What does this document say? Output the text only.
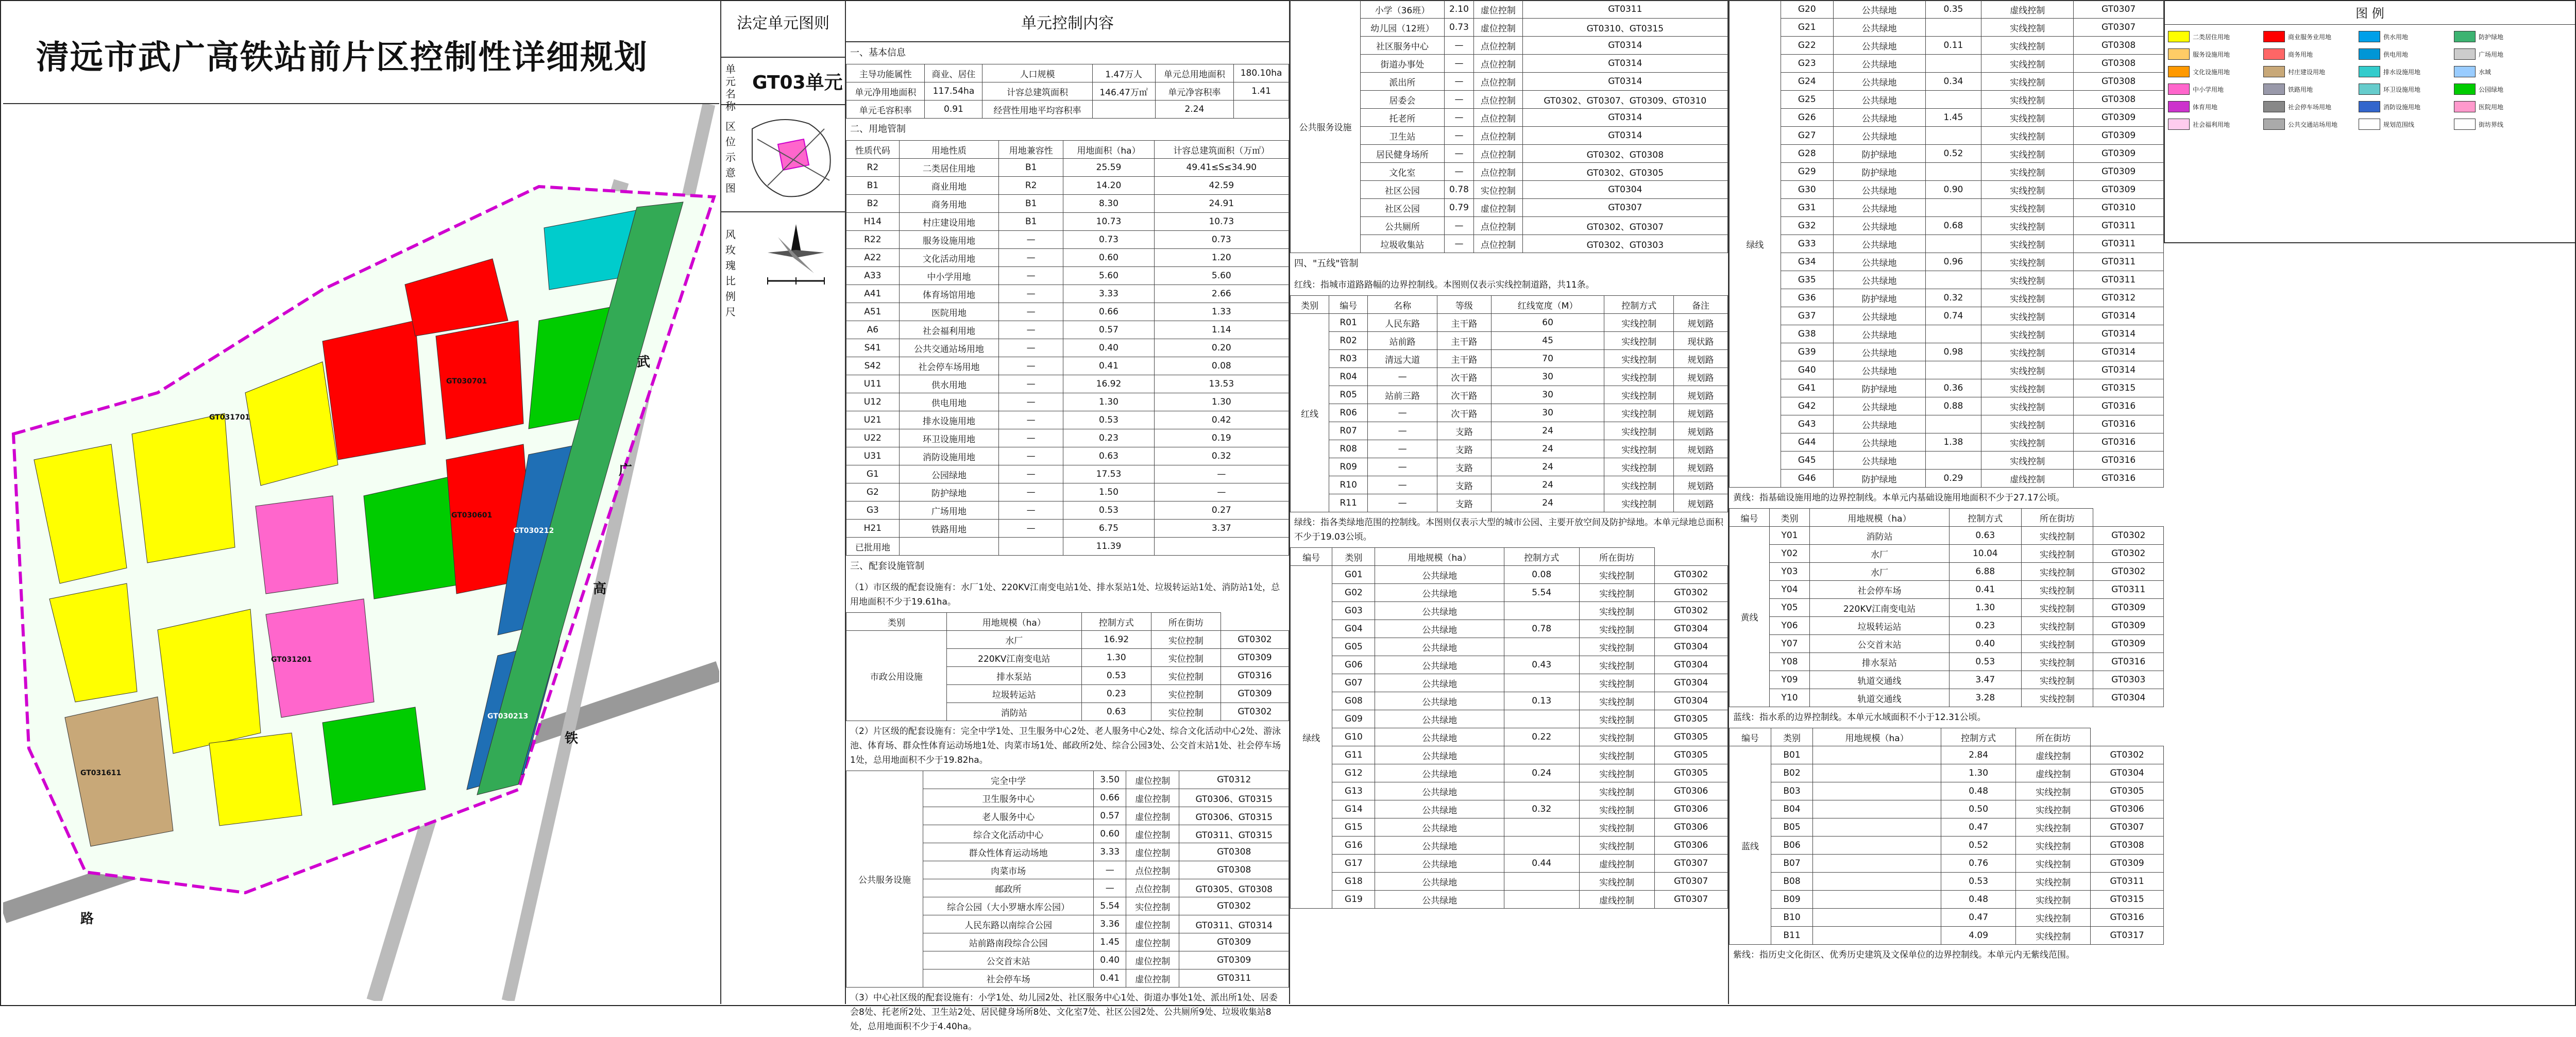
清远市武广高铁站前片区控制性详细规划
武
广
高
铁
路
GT031701
GT030701
GT030601
GT030212
GT031201
GT031611
GT030213
法定单元图则
单元名称
GT03单元
区位示意图
风玫瑰比例尺
单元控制内容
一、基本信息
主导功能属性	商业、居住	人口规模	1.47万人	单元总用地面积	180.10ha
单元净用地面积	117.54ha	计容总建筑面积	146.47万㎡	单元净容积率	1.41
单元毛容积率	0.91	经营性用地平均容积率		2.24	
二、用地管制
性质代码	用地性质	用地兼容性	用地面积（ha）	计容总建筑面积（万㎡）
R2	二类居住用地	B1	25.59	49.41≤S≤34.90
B1	商业用地	R2	14.20	42.59
B2	商务用地	B1	8.30	24.91
H14	村庄建设用地	B1	10.73	10.73
R22	服务设施用地	—	0.73	0.73
A22	文化活动用地	—	0.60	1.20
A33	中小学用地	—	5.60	5.60
A41	体育场馆用地	—	3.33	2.66
A51	医院用地	—	0.66	1.33
A6	社会福利用地	—	0.57	1.14
S41	公共交通站场用地	—	0.40	0.20
S42	社会停车场用地	—	0.41	0.08
U11	供水用地	—	16.92	13.53
U12	供电用地	—	1.30	1.30
U21	排水设施用地	—	0.53	0.42
U22	环卫设施用地	—	0.23	0.19
U31	消防设施用地	—	0.63	0.32
G1	公园绿地	—	17.53	—
G2	防护绿地	—	1.50	—
G3	广场用地	—	0.53	0.27
H21	铁路用地	—	6.75	3.37
已批用地			11.39	
三、配套设施管制
（1）市区级的配套设施有：水厂1处、220KV江南变电站1处、排水泵站1处、垃圾转运站1处、消防站1处，总用地面积不少于19.61ha。
类别	用地规模（ha）	控制方式	所在街坊	
市政公用设施	水厂	16.92	实位控制	GT0302
	220KV江南变电站	1.30	实位控制	GT0309
	排水泵站	0.53	实位控制	GT0316
	垃圾转运站	0.23	实位控制	GT0309
	消防站	0.63	实位控制	GT0302
（2）片区级的配套设施有：完全中学1处、卫生服务中心2处、老人服务中心2处、综合文化活动中心2处、游泳池、体育场、群众性体育运动场地1处、肉菜市场1处、邮政所2处、综合公园3处、公交首末站1处、社会停车场1处，总用地面积不少于19.82ha。
公共服务设施	完全中学	3.50	虚位控制	GT0312
	卫生服务中心	0.66	虚位控制	GT0306、GT0315
	老人服务中心	0.57	虚位控制	GT0306、GT0315
	综合文化活动中心	0.60	虚位控制	GT0311、GT0315
	群众性体育运动场地	3.33	虚位控制	GT0308
	肉菜市场	—	点位控制	GT0308
	邮政所	—	点位控制	GT0305、GT0308
	综合公园（大小罗塘水库公园）	5.54	实位控制	GT0302
	人民东路以南综合公园	3.36	虚位控制	GT0311、GT0314
	站前路南段综合公园	1.45	虚位控制	GT0309
	公交首末站	0.40	虚位控制	GT0309
	社会停车场	0.41	虚位控制	GT0311
（3）中心社区级的配套设施有：小学1处、幼儿园2处、社区服务中心1处、街道办事处1处、派出所1处、居委会8处、托老所2处、卫生站2处、居民健身场所8处、文化室7处、社区公园2处、公共厕所9处、垃圾收集站8处，总用地面积不少于4.40ha。
公共服务设施	小学（36班）	2.10	虚位控制	GT0311
	幼儿园（12班）	0.73	虚位控制	GT0310、GT0315
	社区服务中心	—	点位控制	GT0314
	街道办事处	—	点位控制	GT0314
	派出所	—	点位控制	GT0314
	居委会	—	点位控制	GT0302、GT0307、GT0309、GT0310
	托老所	—	点位控制	GT0314
	卫生站	—	点位控制	GT0314
	居民健身场所	—	点位控制	GT0302、GT0308
	文化室	—	点位控制	GT0302、GT0305
	社区公园	0.78	实位控制	GT0304
	社区公园	0.79	虚位控制	GT0307
	公共厕所	—	点位控制	GT0302、GT0307
	垃圾收集站	—	点位控制	GT0302、GT0303
四、"五线"管制
红线：指城市道路路幅的边界控制线。本图则仅表示实线控制道路，共11条。
类别	编号	名称	等级	红线宽度（M）	控制方式	备注
红线	R01	人民东路	主干路	60	实线控制	规划路
	R02	站前路	主干路	45	实线控制	现状路
	R03	清远大道	主干路	70	实线控制	规划路
	R04	—	次干路	30	实线控制	规划路
	R05	站前三路	次干路	30	实线控制	规划路
	R06	—	次干路	30	实线控制	规划路
	R07	—	支路	24	实线控制	规划路
	R08	—	支路	24	实线控制	规划路
	R09	—	支路	24	实线控制	规划路
	R10	—	支路	24	实线控制	规划路
	R11	—	支路	24	实线控制	规划路
绿线：指各类绿地范围的控制线。本图则仅表示大型的城市公园、主要开放空间及防护绿地。本单元绿地总面积不少于19.03公顷。
编号	类别	用地规模（ha）	控制方式	所在街坊	
绿线	G01	公共绿地	0.08	实线控制	GT0302
	G02	公共绿地	5.54	实线控制	GT0302
	G03	公共绿地		实线控制	GT0302
	G04	公共绿地	0.78	实线控制	GT0304
	G05	公共绿地		实线控制	GT0304
	G06	公共绿地	0.43	实线控制	GT0304
	G07	公共绿地		实线控制	GT0304
	G08	公共绿地	0.13	实线控制	GT0304
	G09	公共绿地		实线控制	GT0305
	G10	公共绿地	0.22	实线控制	GT0305
	G11	公共绿地		实线控制	GT0305
	G12	公共绿地	0.24	实线控制	GT0305
	G13	公共绿地		实线控制	GT0306
	G14	公共绿地	0.32	实线控制	GT0306
	G15	公共绿地		实线控制	GT0306
	G16	公共绿地		实线控制	GT0306
	G17	公共绿地	0.44	虚线控制	GT0307
	G18	公共绿地		实线控制	GT0307
	G19	公共绿地		虚线控制	GT0307
绿线	G20	公共绿地	0.35	虚线控制	GT0307
	G21	公共绿地		实线控制	GT0307
	G22	公共绿地	0.11	实线控制	GT0308
	G23	公共绿地		实线控制	GT0308
	G24	公共绿地	0.34	实线控制	GT0308
	G25	公共绿地		实线控制	GT0308
	G26	公共绿地	1.45	实线控制	GT0309
	G27	公共绿地		实线控制	GT0309
	G28	防护绿地	0.52	实线控制	GT0309
	G29	防护绿地		实线控制	GT0309
	G30	公共绿地	0.90	实线控制	GT0309
	G31	公共绿地		实线控制	GT0310
	G32	公共绿地	0.68	实线控制	GT0311
	G33	公共绿地		实线控制	GT0311
	G34	公共绿地	0.96	实线控制	GT0311
	G35	公共绿地		实线控制	GT0311
	G36	防护绿地	0.32	实线控制	GT0312
	G37	公共绿地	0.74	实线控制	GT0314
	G38	公共绿地		实线控制	GT0314
	G39	公共绿地	0.98	实线控制	GT0314
	G40	公共绿地		实线控制	GT0314
	G41	防护绿地	0.36	实线控制	GT0315
	G42	公共绿地	0.88	实线控制	GT0316
	G43	公共绿地		实线控制	GT0316
	G44	公共绿地	1.38	实线控制	GT0316
	G45	公共绿地		实线控制	GT0316
	G46	防护绿地	0.29	虚线控制	GT0316
黄线：指基础设施用地的边界控制线。本单元内基础设施用地面积不少于27.17公顷。
编号	类别	用地规模（ha）	控制方式	所在街坊	
黄线	Y01	消防站	0.63	实线控制	GT0302
	Y02	水厂	10.04	实线控制	GT0302
	Y03	水厂	6.88	实线控制	GT0302
	Y04	社会停车场	0.41	实线控制	GT0311
	Y05	220KV江南变电站	1.30	实线控制	GT0309
	Y06	垃圾转运站	0.23	实线控制	GT0309
	Y07	公交首末站	0.40	实线控制	GT0309
	Y08	排水泵站	0.53	实线控制	GT0316
	Y09	轨道交通线	3.47	实线控制	GT0303
	Y10	轨道交通线	3.28	实线控制	GT0304
蓝线：指水系的边界控制线。本单元水域面积不小于12.31公顷。
编号	类别	用地规模（ha）	控制方式	所在街坊	
蓝线	B01		2.84	虚线控制	GT0302
	B02		1.30	虚线控制	GT0304
	B03		0.48	实线控制	GT0305
	B04		0.50	实线控制	GT0306
	B05		0.47	实线控制	GT0307
	B06		0.52	实线控制	GT0308
	B07		0.76	实线控制	GT0309
	B08		0.53	实线控制	GT0311
	B09		0.48	实线控制	GT0315
	B10		0.47	实线控制	GT0316
	B11		4.09	实线控制	GT0317
紫线：指历史文化街区、优秀历史建筑及文保单位的边界控制线。本单元内无紫线范围。
图 例
二类居住用地	商业服务业用地	供水用地	防护绿地
服务设施用地	商务用地	供电用地	广场用地
文化设施用地	村庄建设用地	排水设施用地	水域
中小学用地	铁路用地	环卫设施用地	公园绿地
体育用地	社会停车场用地	消防设施用地	医院用地
社会福利用地	公共交通站场用地	规划范围线	街坊界线
